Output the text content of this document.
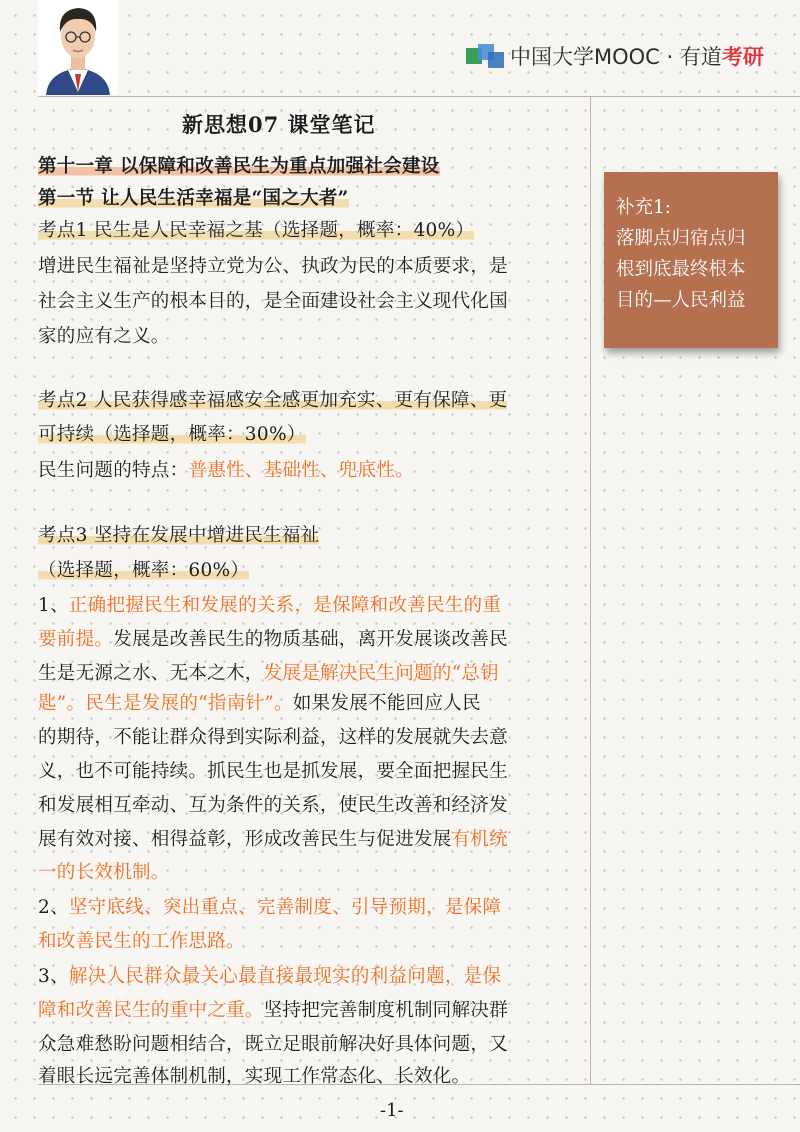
中国大学MOOC · 有道考研
新思想07 课堂笔记
第十一章 以保障和改善民生为重点加强社会建设
第一节 让人民生活幸福是“国之大者”
考点1 民生是人民幸福之基（选择题，概率：40%）
增进民生福祉是坚持立党为公、执政为民的本质要求，是
社会主义生产的根本目的，是全面建设社会主义现代化国
家的应有之义。
考点2 人民获得感幸福感安全感更加充实、更有保障、更
可持续（选择题，概率：30%）
民生问题的特点：普惠性、基础性、兜底性。
考点3 坚持在发展中增进民生福祉
（选择题，概率：60%）
1、正确把握民生和发展的关系，是保障和改善民生的重
要前提。发展是改善民生的物质基础，离开发展谈改善民
生是无源之水、无本之木，发展是解决民生问题的“总钥
匙”。民生是发展的“指南针”。如果发展不能回应人民
的期待，不能让群众得到实际利益，这样的发展就失去意
义，也不可能持续。抓民生也是抓发展，要全面把握民生
和发展相互牵动、互为条件的关系，使民生改善和经济发
展有效对接、相得益彰，形成改善民生与促进发展有机统
一的长效机制。
2、坚守底线、突出重点、完善制度、引导预期，是保障
和改善民生的工作思路。
3、解决人民群众最关心最直接最现实的利益问题，是保
障和改善民生的重中之重。坚持把完善制度机制同解决群
众急难愁盼问题相结合，既立足眼前解决好具体问题，又
着眼长远完善体制机制，实现工作常态化、长效化。
补充1:
落脚点归宿点归
根到底最终根本
目的—人民利益
-1-
